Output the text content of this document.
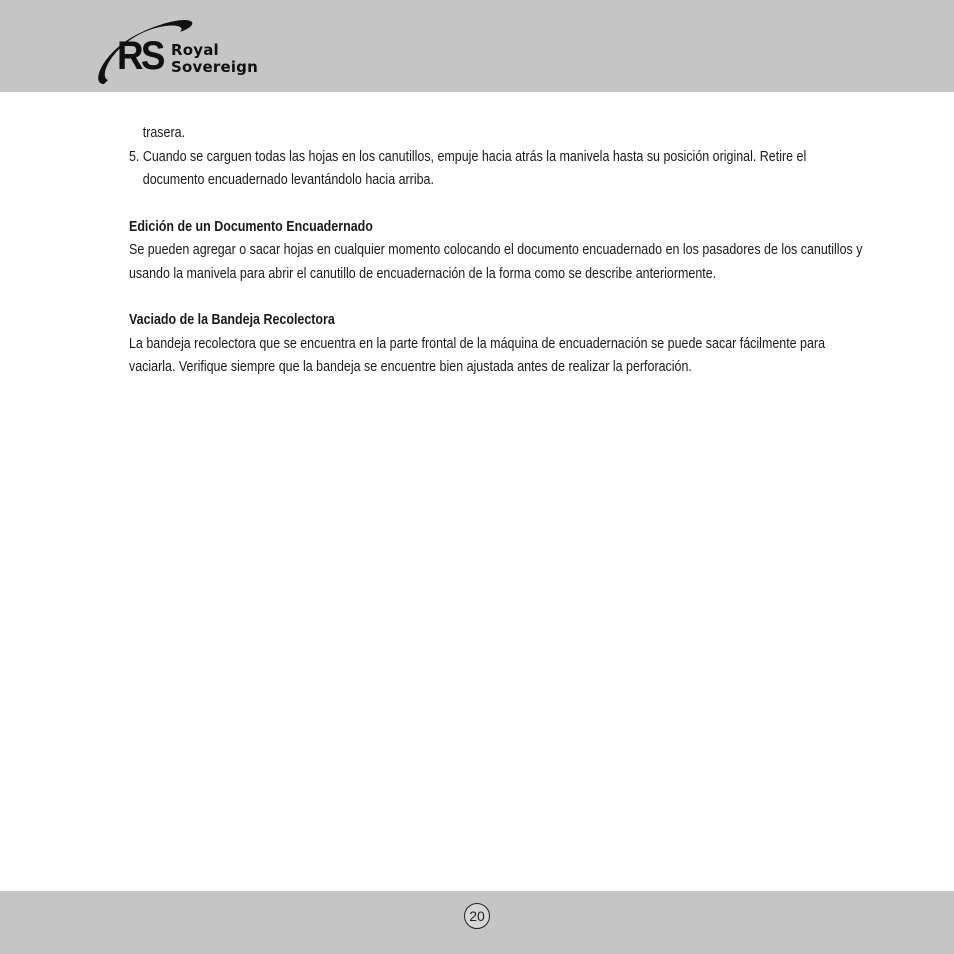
RS Royal
Sovereign

trasera.

5. Cuando se carguen todas las hojas en los canutillos, empuje hacia atrás la manivela hasta su posición original. Retire el documento encuadernado levantándolo hacia arriba.

Edición de un Documento Encuadernado

Se pueden agregar o sacar hojas en cualquier momento colocando el documento encuadernado en los pasadores de los canutillos y usando la manivela para abrir el canutillo de encuadernación de la forma como se describe anteriormente.

Vaciado de la Bandeja Recolectora

La bandeja recolectora que se encuentra en la parte frontal de la máquina de encuadernación se puede sacar fácilmente para vaciarla. Verifique siempre que la bandeja se encuentre bien ajustada antes de realizar la perforación.

20
